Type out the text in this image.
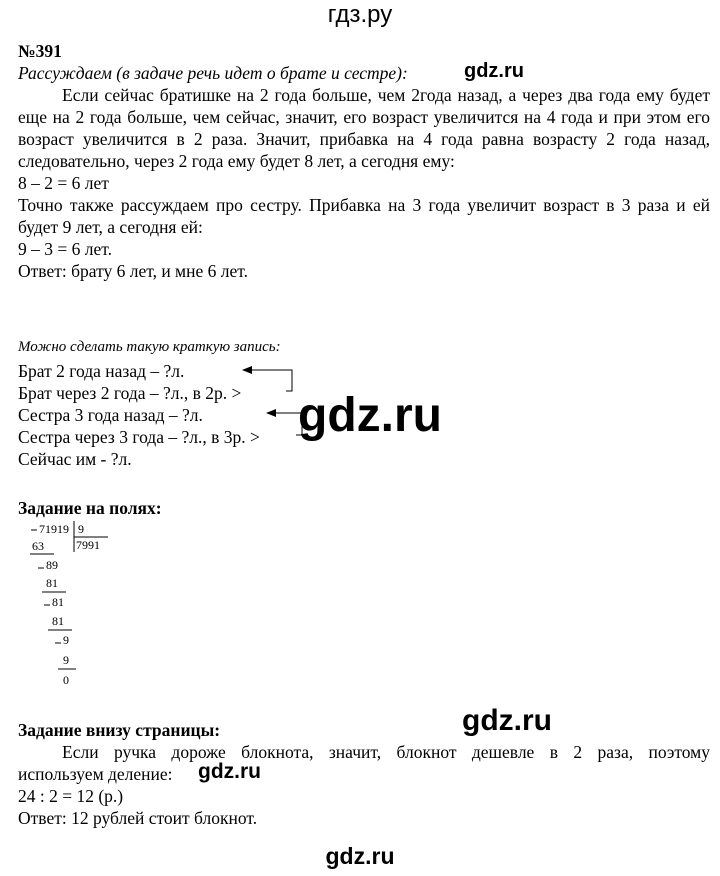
гдз.ру
№391
Рассуждаем (в задаче речь идет о брате и сестре):	gdz.ru

Если сейчас братишке на 2 года больше, чем 2года назад, а через два года ему будет еще на 2 года больше, чем сейчас, значит, его возраст увеличится на 4 года и при этом его возраст увеличится в 2 раза. Значит, прибавка на 4 года равна возрасту 2 года назад, следовательно, через 2 года ему будет 8 лет, а сегодня ему:

8 – 2 = 6 лет

Точно также рассуждаем про сестру. Прибавка на 3 года увеличит возраст в 3 раза и ей будет 9 лет, а сегодня ей:

9 – 3 = 6 лет.

Ответ: брату 6 лет, и мне 6 лет.

Можно сделать такую краткую запись:
Брат 2 года назад – ?л.
Брат через 2 года – ?л., в 2р. >
Сестра 3 года назад – ?л.
Сестра через 3 года – ?л., в 3р. >
Сейчас им - ?л.
gdz.ru
Задание на полях:
71919 9
7991
63
89
81
81
81
9
9
0
Задание внизу страницы:	gdz.ru

Если ручка дороже блокнота, значит, блокнот дешевле в 2 раза, поэтому

используем деление: gdz.ru
24 : 2 = 12 (р.)
Ответ: 12 рублей стоит блокнот.
gdz.ru
